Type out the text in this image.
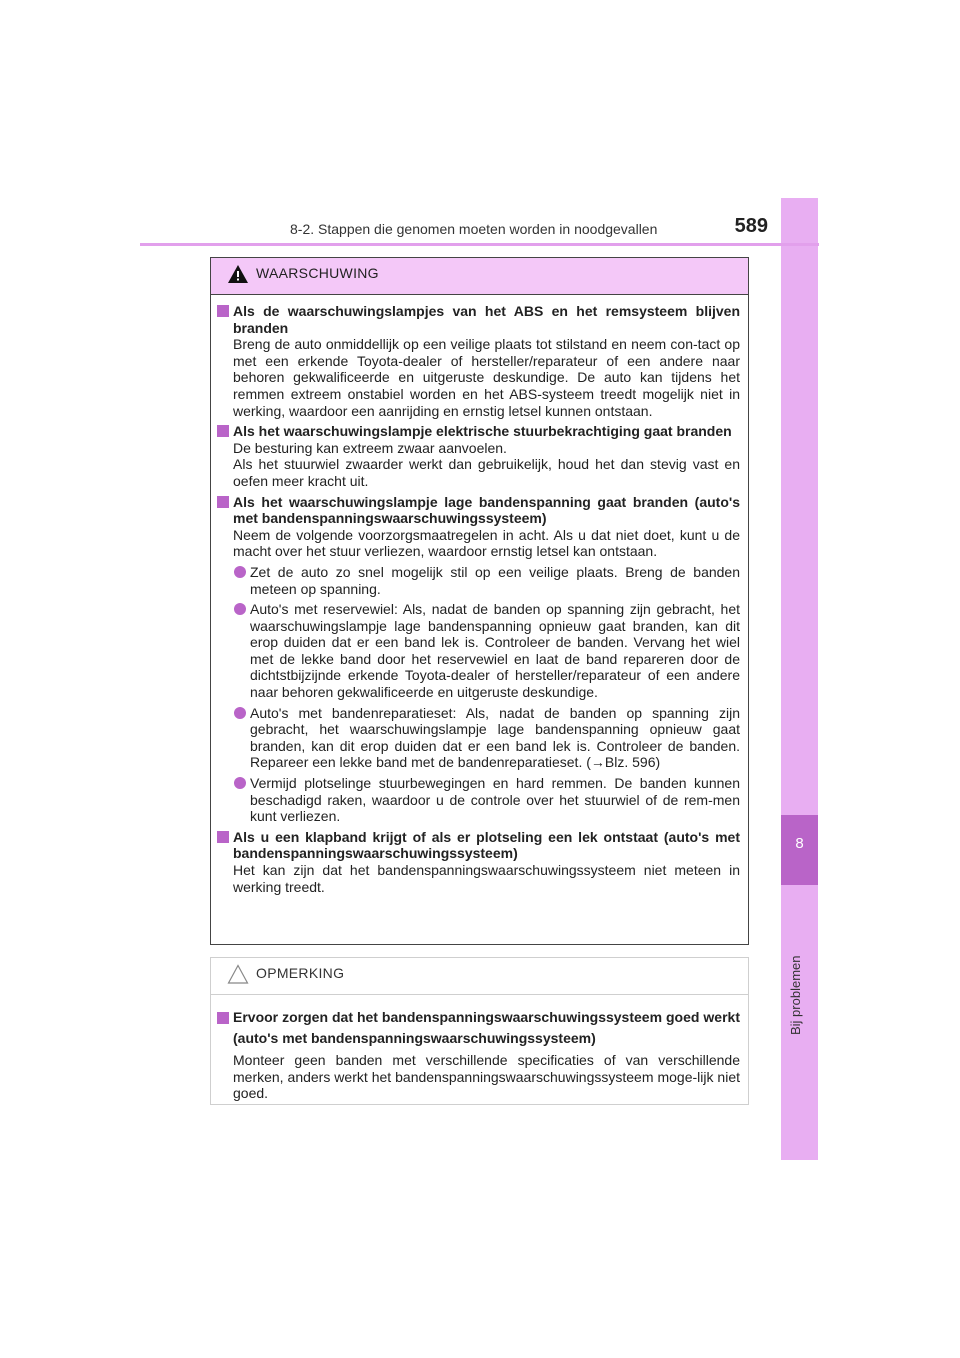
8
Bij problemen
8-2. Stappen die genomen moeten worden in noodgevallen	589
WAARSCHUWING
Als de waarschuwingslampjes van het ABS en het remsysteem blijven branden
Breng de auto onmiddellijk op een veilige plaats tot stilstand en neem con-tact op met een erkende Toyota-dealer of hersteller/reparateur of een andere naar behoren gekwalificeerde en uitgeruste deskundige. De auto kan tijdens het remmen extreem onstabiel worden en het ABS-systeem treedt mogelijk niet in werking, waardoor een aanrijding en ernstig letsel kunnen ontstaan.
Als het waarschuwingslampje elektrische stuurbekrachtiging gaat branden
De besturing kan extreem zwaar aanvoelen.
Als het stuurwiel zwaarder werkt dan gebruikelijk, houd het dan stevig vast en oefen meer kracht uit.
Als het waarschuwingslampje lage bandenspanning gaat branden (auto's met bandenspanningswaarschuwingssysteem)
Neem de volgende voorzorgsmaatregelen in acht. Als u dat niet doet, kunt u de macht over het stuur verliezen, waardoor ernstig letsel kan ontstaan.
Zet de auto zo snel mogelijk stil op een veilige plaats. Breng de banden meteen op spanning.
Auto's met reservewiel: Als, nadat de banden op spanning zijn gebracht, het waarschuwingslampje lage bandenspanning opnieuw gaat branden, kan dit erop duiden dat er een band lek is. Controleer de banden. Vervang het wiel met de lekke band door het reservewiel en laat de band repareren door de dichtstbijzijnde erkende Toyota-dealer of hersteller/reparateur of een andere naar behoren gekwalificeerde en uitgeruste deskundige.
Auto's met bandenreparatieset: Als, nadat de banden op spanning zijn gebracht, het waarschuwingslampje lage bandenspanning opnieuw gaat branden, kan dit erop duiden dat er een band lek is. Controleer de banden. Repareer een lekke band met de bandenreparatieset. (→Blz. 596)
Vermijd plotselinge stuurbewegingen en hard remmen. De banden kunnen beschadigd raken, waardoor u de controle over het stuurwiel of de rem-men kunt verliezen.
Als u een klapband krijgt of als er plotseling een lek ontstaat (auto's met bandenspanningswaarschuwingssysteem)
Het kan zijn dat het bandenspanningswaarschuwingssysteem niet meteen in werking treedt.
OPMERKING
Ervoor zorgen dat het bandenspanningswaarschuwingssysteem goed werkt (auto's met bandenspanningswaarschuwingssysteem)
Monteer geen banden met verschillende specificaties of van verschillende merken, anders werkt het bandenspanningswaarschuwingssysteem moge-lijk niet goed.
